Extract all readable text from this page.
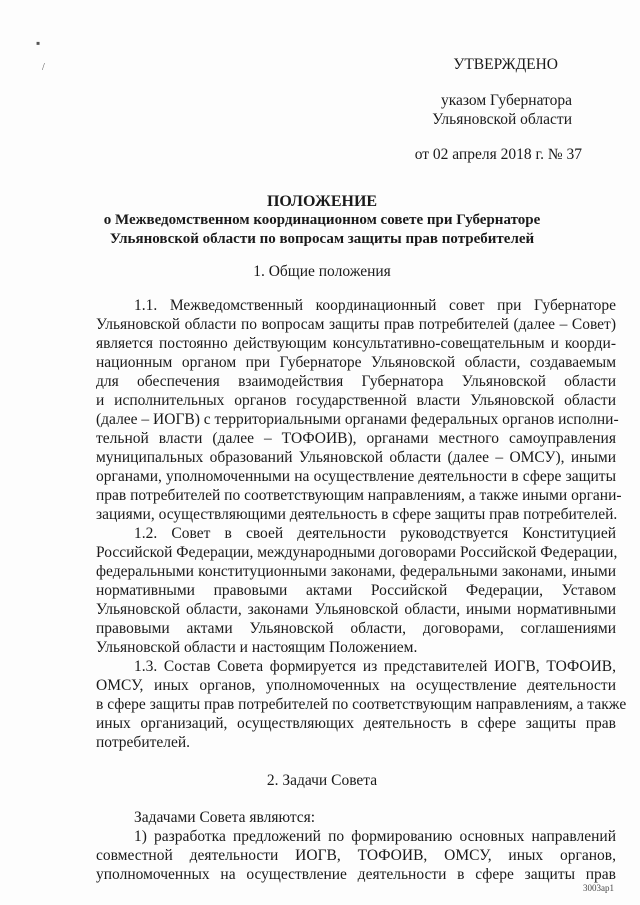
▪
/	УТВЕРЖДЕНО
указом Губернатора
Ульяновской области
от 02 апреля 2018 г. № 37
ПОЛОЖЕНИЕ
о Межведомственном координационном совете при Губернаторе
Ульяновской области по вопросам защиты прав потребителей
1. Общие положения
1.1. Межведомственный координационный совет при Губернаторе
Ульяновской области по вопросам защиты прав потребителей (далее – Совет)
является постоянно действующим консультативно-совещательным и коорди-
национным органом при Губернаторе Ульяновской области, создаваемым
для обеспечения взаимодействия Губернатора Ульяновской области
и исполнительных органов государственной власти Ульяновской области
(далее – ИОГВ) с территориальными органами федеральных органов исполни-
тельной власти (далее – ТОФОИВ), органами местного самоуправления
муниципальных образований Ульяновской области (далее – ОМСУ), иными
органами, уполномоченными на осуществление деятельности в сфере защиты
прав потребителей по соответствующим направлениям, а также иными органи-
зациями, осуществляющими деятельность в сфере защиты прав потребителей.
1.2. Совет в своей деятельности руководствуется Конституцией
Российской Федерации, международными договорами Российской Федерации,
федеральными конституционными законами, федеральными законами, иными
нормативными правовыми актами Российской Федерации, Уставом
Ульяновской области, законами Ульяновской области, иными нормативными
правовыми актами Ульяновской области, договорами, соглашениями
Ульяновской области и настоящим Положением.
1.3. Состав Совета формируется из представителей ИОГВ, ТОФОИВ,
ОМСУ, иных органов, уполномоченных на осуществление деятельности
в сфере защиты прав потребителей по соответствующим направлениям, а также
иных организаций, осуществляющих деятельность в сфере защиты прав
потребителей.
2. Задачи Совета
Задачами Совета являются:
1) разработка предложений по формированию основных направлений
совместной деятельности ИОГВ, ТОФОИВ, ОМСУ, иных органов,
уполномоченных на осуществление деятельности в сфере защиты прав
3003ap1
